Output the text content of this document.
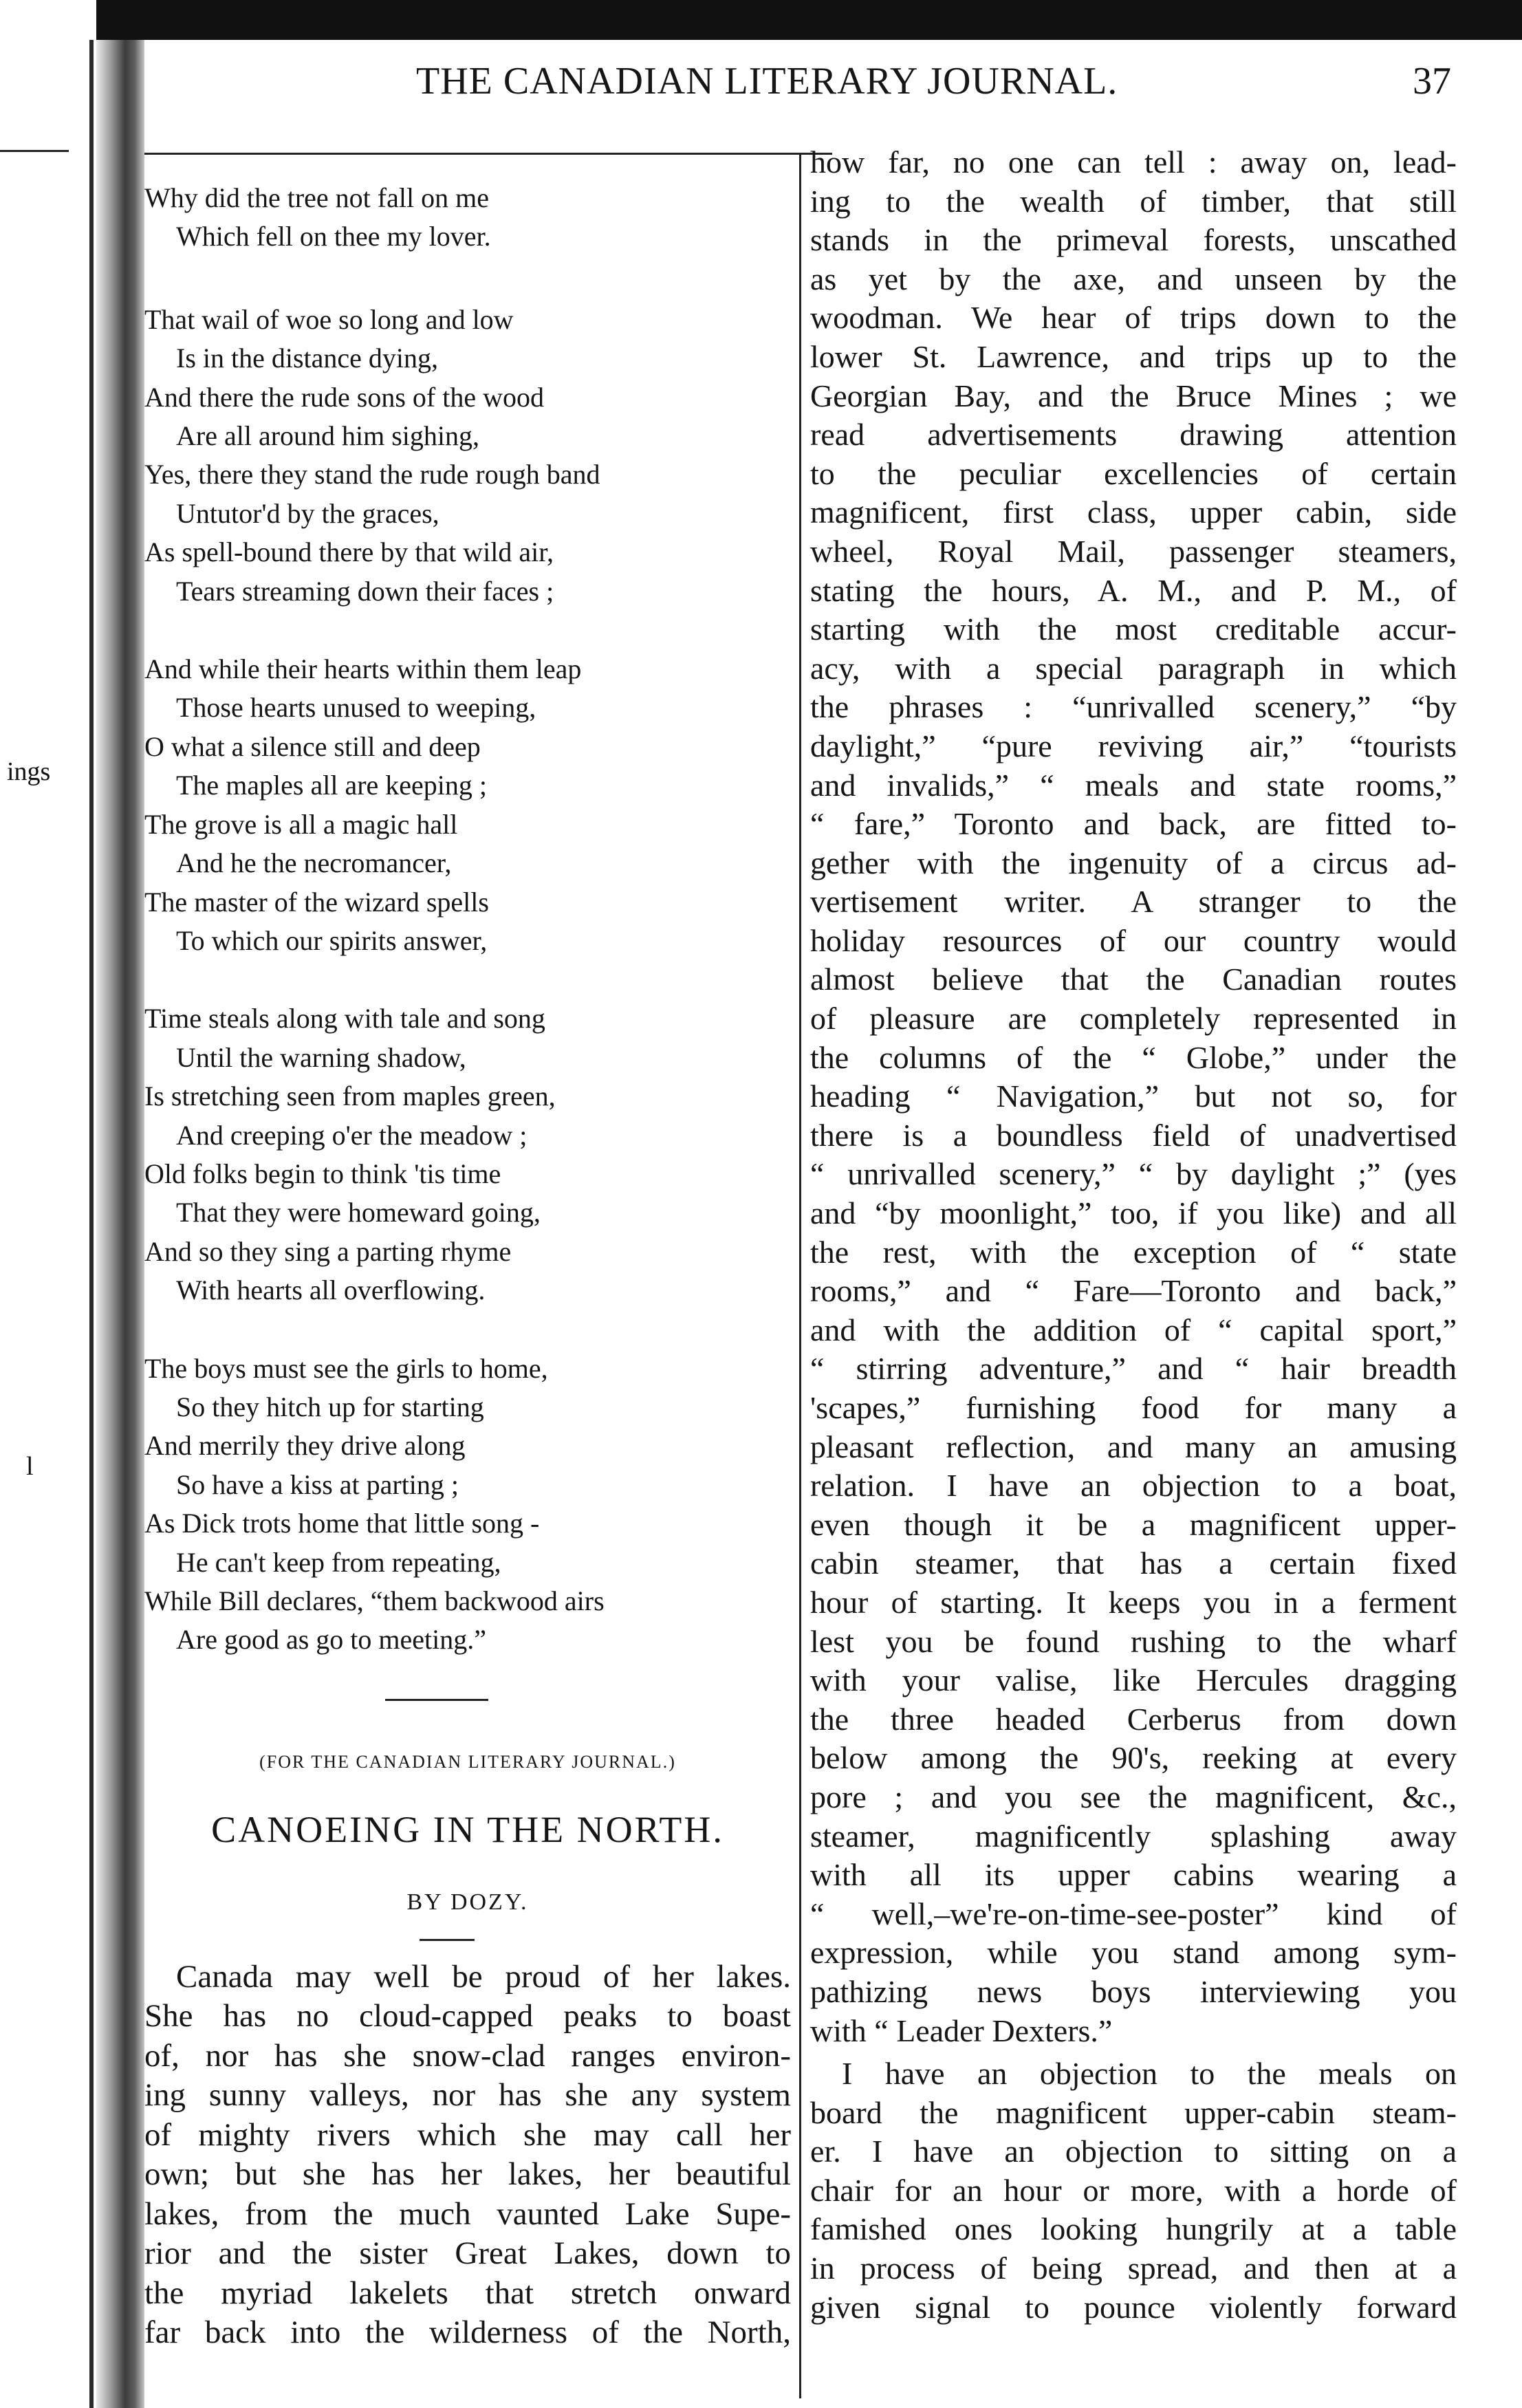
ings
l
THE CANADIAN LITERARY JOURNAL.	37
Why did the tree not fall on me
Which fell on thee my lover.
That wail of woe so long and low
Is in the distance dying,
And there the rude sons of the wood
Are all around him sighing,
Yes, there they stand the rude rough band
Untutor'd by the graces,
As spell-bound there by that wild air,
Tears streaming down their faces ;
And while their hearts within them leap
Those hearts unused to weeping,
O what a silence still and deep
The maples all are keeping ;
The grove is all a magic hall
And he the necromancer,
The master of the wizard spells
To which our spirits answer,
Time steals along with tale and song
Until the warning shadow,
Is stretching seen from maples green,
And creeping o'er the meadow ;
Old folks begin to think 'tis time
That they were homeward going,
And so they sing a parting rhyme
With hearts all overflowing.
The boys must see the girls to home,
So they hitch up for starting
And merrily they drive along
So have a kiss at parting ;
As Dick trots home that little song -
He can't keep from repeating,
While Bill declares, “them backwood airs
Are good as go to meeting.”
(FOR THE CANADIAN LITERARY JOURNAL.)
CANOEING IN THE NORTH.
BY DOZY.
Canada may well be proud of her lakes.
She has no cloud-capped peaks to boast
of, nor has she snow-clad ranges environ-
ing sunny valleys, nor has she any system
of mighty rivers which she may call her
own; but she has her lakes, her beautiful
lakes, from the much vaunted Lake Supe-
rior and the sister Great Lakes, down to
the myriad lakelets that stretch onward
far back into the wilderness of the North,
how far, no one can tell : away on, lead-
ing to the wealth of timber, that still
stands in the primeval forests, unscathed
as yet by the axe, and unseen by the
woodman. We hear of trips down to the
lower St. Lawrence, and trips up to the
Georgian Bay, and the Bruce Mines ; we
read advertisements drawing attention
to the peculiar excellencies of certain
magnificent, first class, upper cabin, side
wheel, Royal Mail, passenger steamers,
stating the hours, A. M., and P. M., of
starting with the most creditable accur-
acy, with a special paragraph in which
the phrases : “unrivalled scenery,” “by
daylight,” “pure reviving air,” “tourists
and invalids,” “ meals and state rooms,”
“ fare,” Toronto and back, are fitted to-
gether with the ingenuity of a circus ad-
vertisement writer. A stranger to the
holiday resources of our country would
almost believe that the Canadian routes
of pleasure are completely represented in
the columns of the “ Globe,” under the
heading “ Navigation,” but not so, for
there is a boundless field of unadvertised
“ unrivalled scenery,” “ by daylight ;” (yes
and “by moonlight,” too, if you like) and all
the rest, with the exception of “ state
rooms,” and “ Fare—Toronto and back,”
and with the addition of “ capital sport,”
“ stirring adventure,” and “ hair breadth
'scapes,” furnishing food for many a
pleasant reflection, and many an amusing
relation. I have an objection to a boat,
even though it be a magnificent upper-
cabin steamer, that has a certain fixed
hour of starting. It keeps you in a ferment
lest you be found rushing to the wharf
with your valise, like Hercules dragging
the three headed Cerberus from down
below among the 90's, reeking at every
pore ; and you see the magnificent, &c.,
steamer, magnificently splashing away
with all its upper cabins wearing a
“ well,–we're-on-time-see-poster” kind of
expression, while you stand among sym-
pathizing news boys interviewing you
with “ Leader Dexters.”
I have an objection to the meals on
board the magnificent upper-cabin steam-
er. I have an objection to sitting on a
chair for an hour or more, with a horde of
famished ones looking hungrily at a table
in process of being spread, and then at a
given signal to pounce violently forward
